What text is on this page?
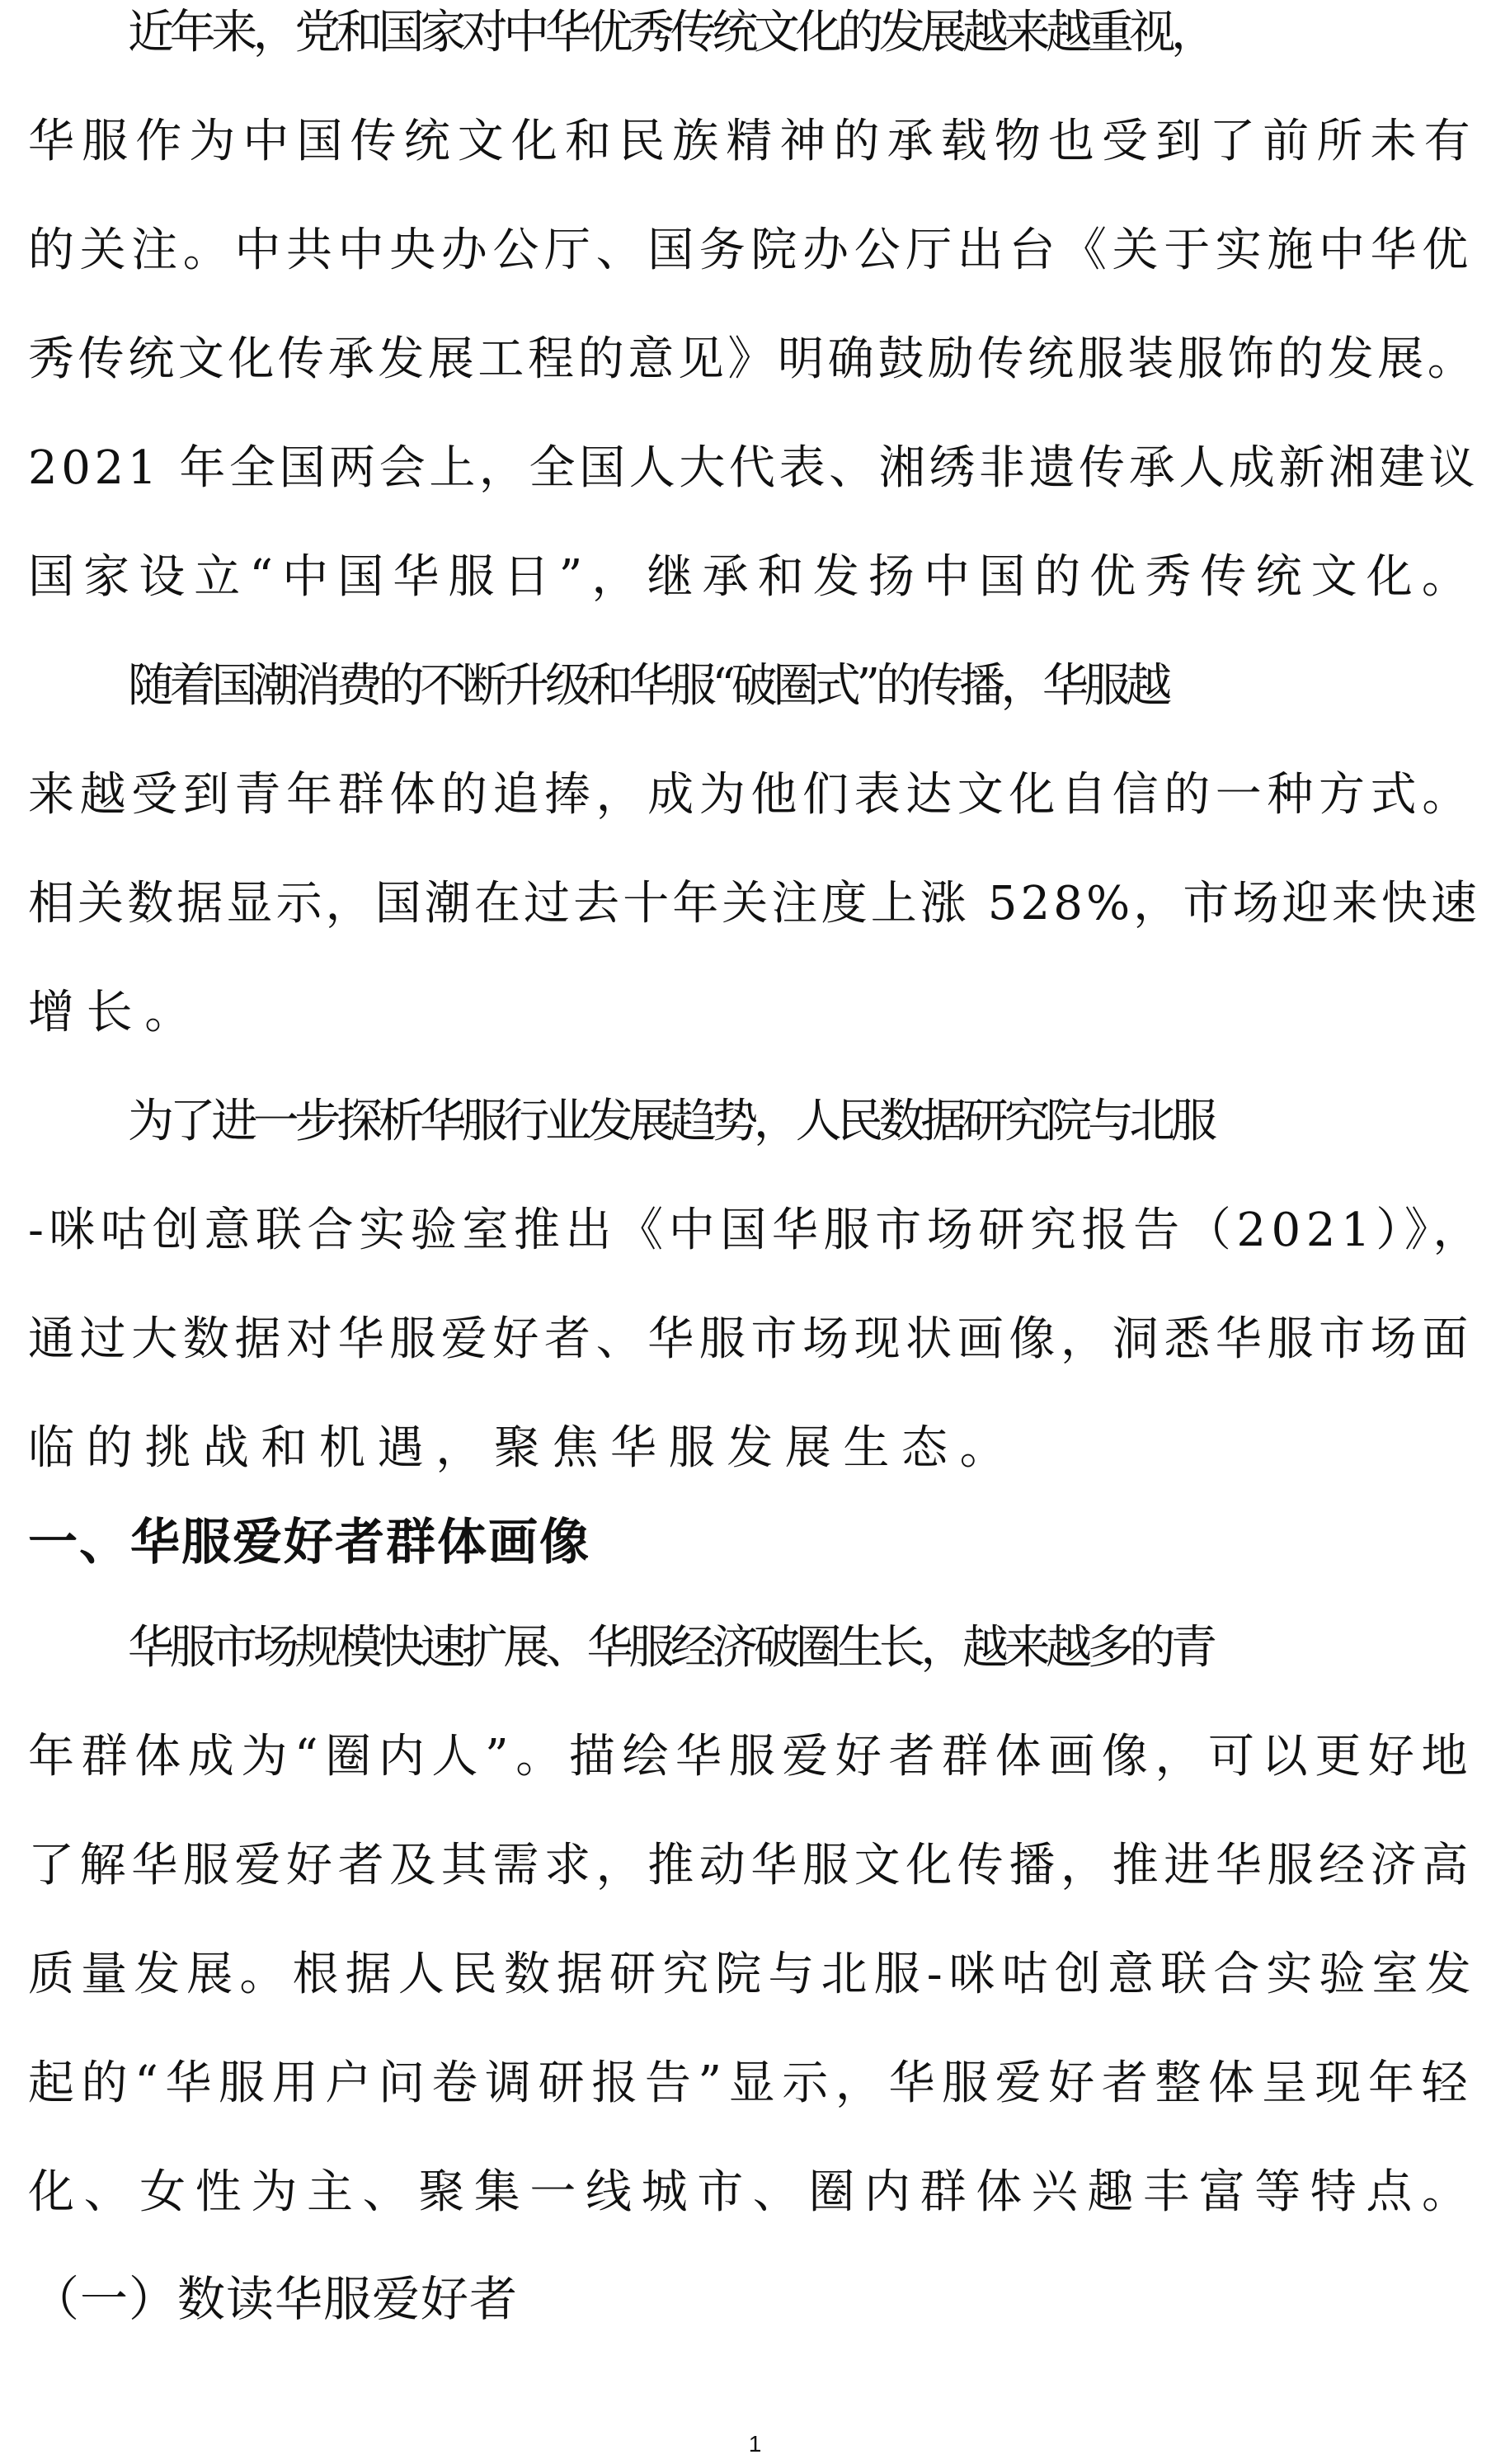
近年来，党和国家对中华优秀传统文化的发展越来越重视，
华服作为中国传统文化和民族精神的承载物也受到了前所未有
的关注。中共中央办公厅、国务院办公厅出台《关于实施中华优
秀传统文化传承发展工程的意见》明确鼓励传统服装服饰的发展。
2021 年全国两会上，全国人大代表、湘绣非遗传承人成新湘建议
国家设立“中国华服日”，继承和发扬中国的优秀传统文化。
随着国潮消费的不断升级和华服“破圈式”的传播，华服越
来越受到青年群体的追捧，成为他们表达文化自信的一种方式。
相关数据显示，国潮在过去十年关注度上涨 528%，市场迎来快速
增长。
为了进一步探析华服行业发展趋势，人民数据研究院与北服
-咪咕创意联合实验室推出《中国华服市场研究报告（2021）》，
通过大数据对华服爱好者、华服市场现状画像，洞悉华服市场面
临的挑战和机遇，聚焦华服发展生态。
一、华服爱好者群体画像
华服市场规模快速扩展、华服经济破圈生长，越来越多的青
年群体成为“圈内人”。描绘华服爱好者群体画像，可以更好地
了解华服爱好者及其需求，推动华服文化传播，推进华服经济高
质量发展。根据人民数据研究院与北服-咪咕创意联合实验室发
起的“华服用户问卷调研报告”显示，华服爱好者整体呈现年轻
化、女性为主、聚集一线城市、圈内群体兴趣丰富等特点。
（一）数读华服爱好者
1
